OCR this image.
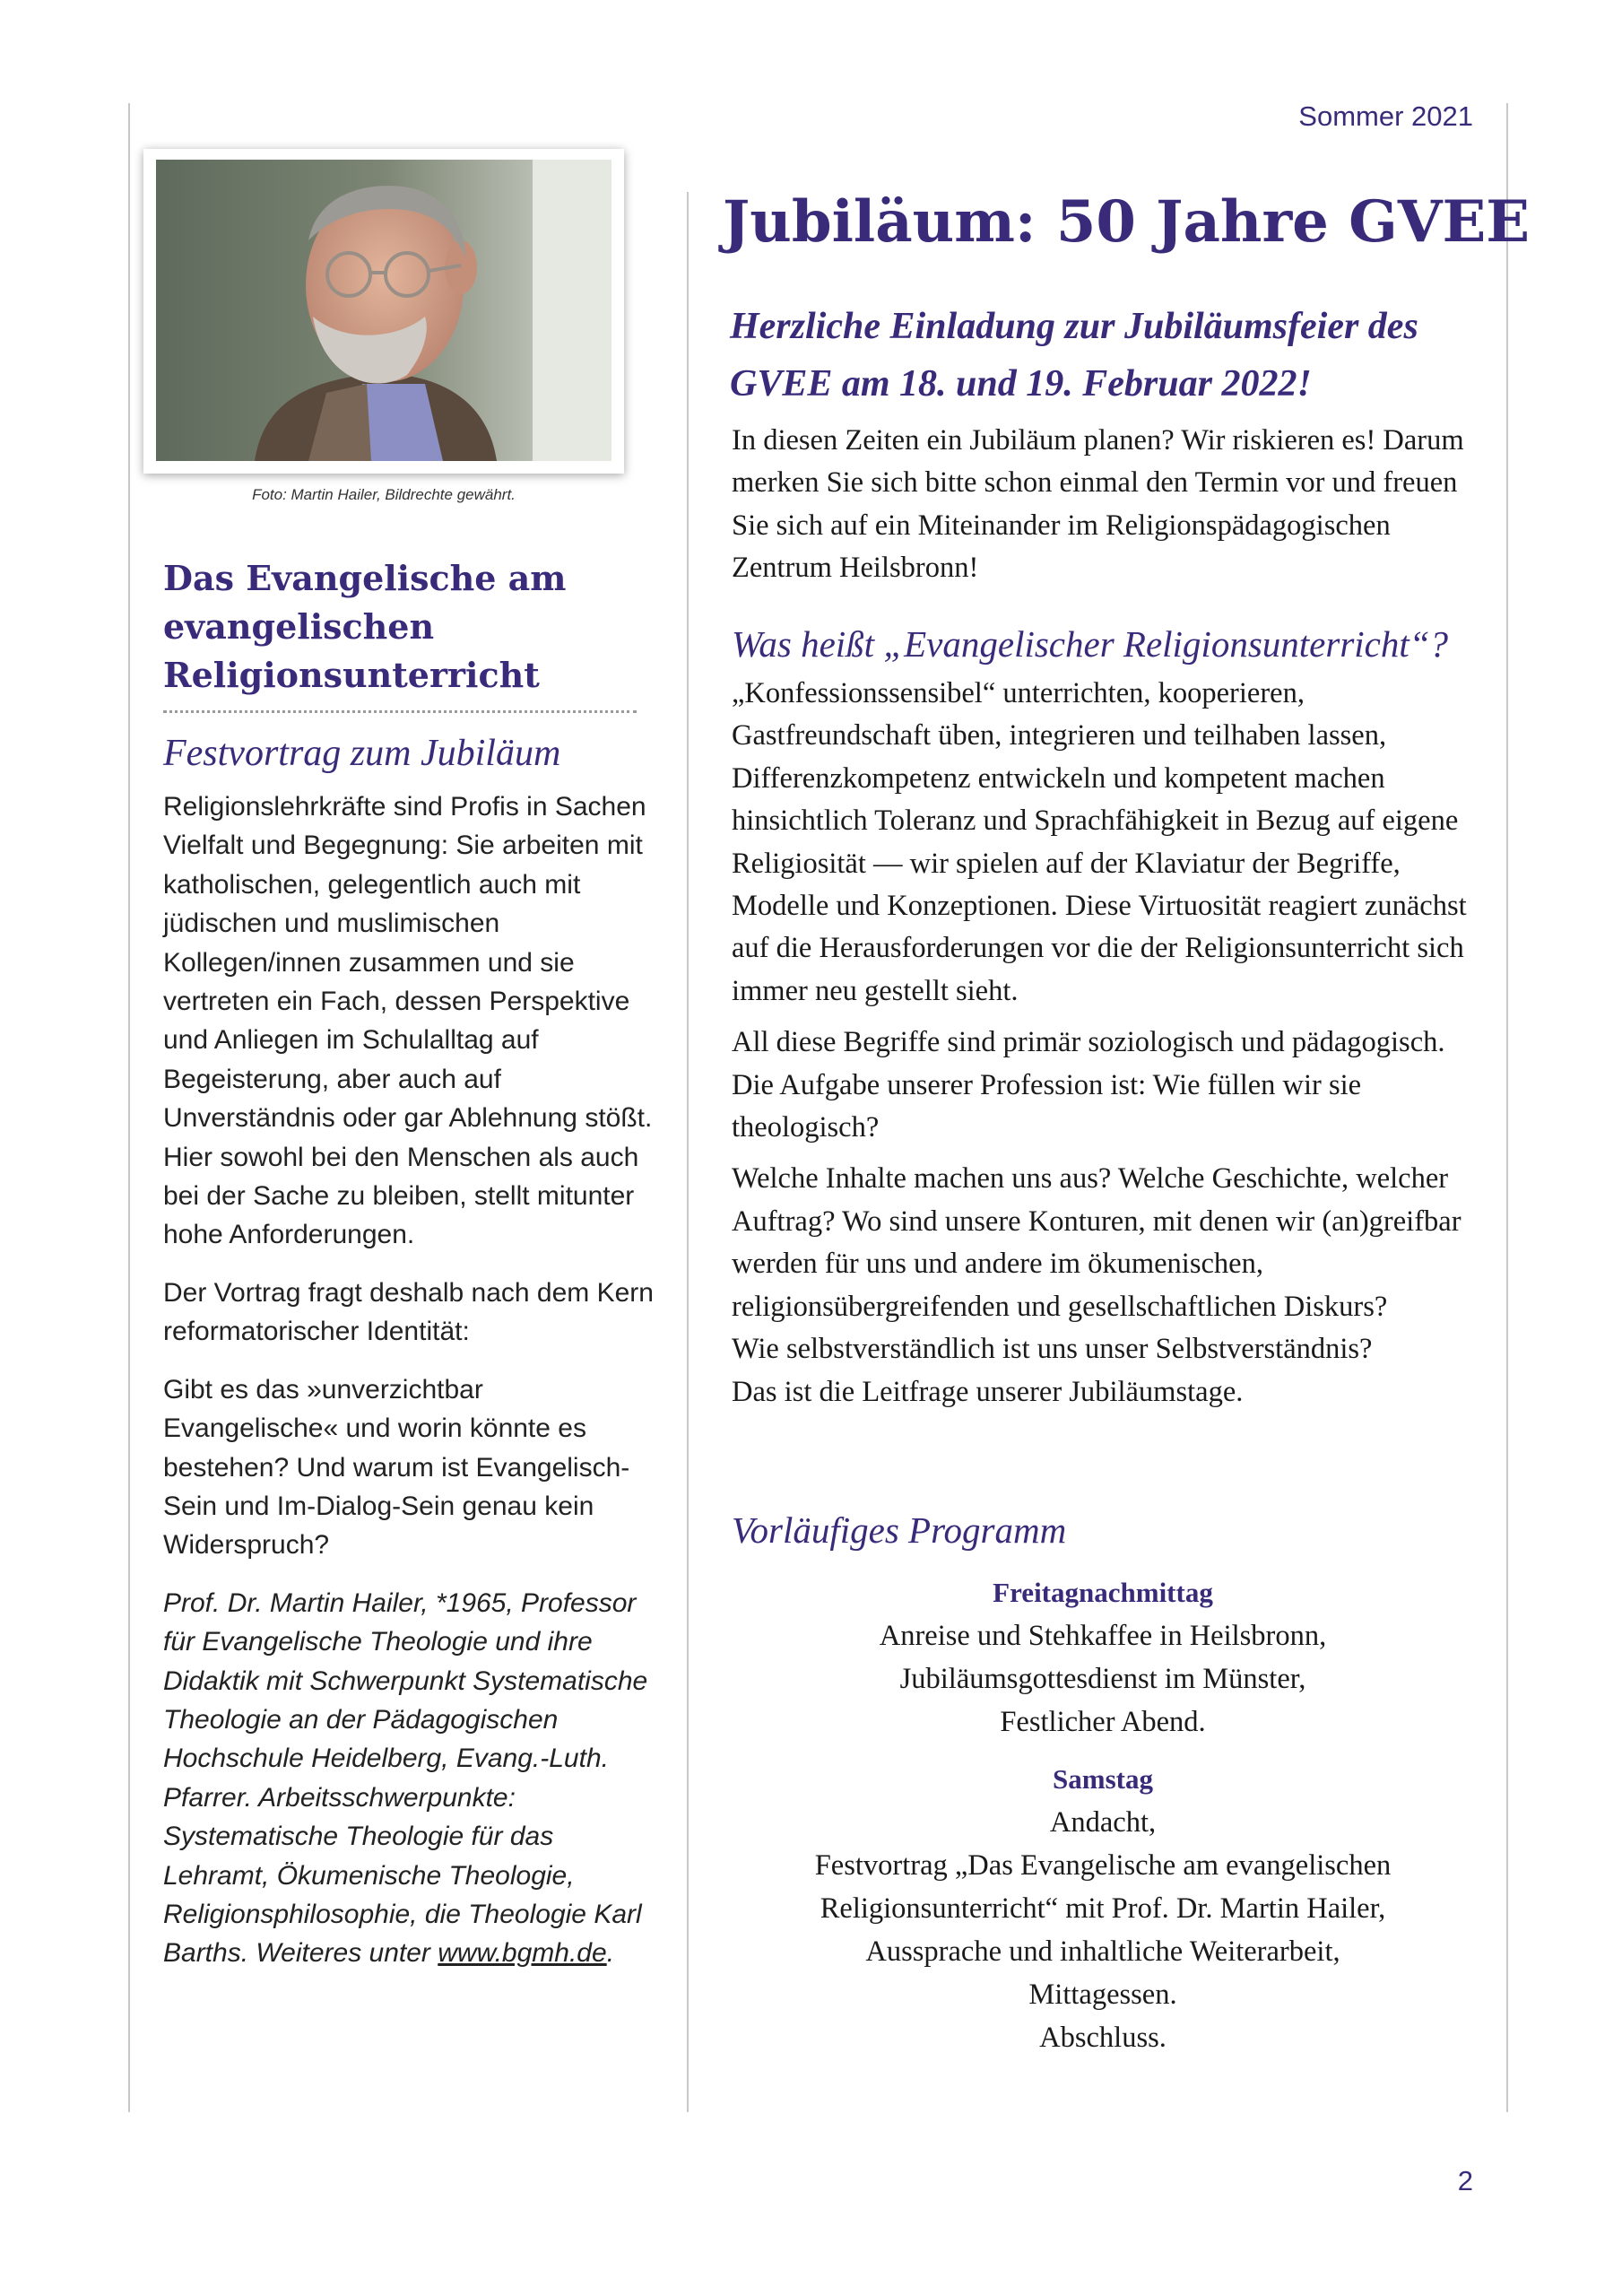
Sommer 2021
Foto: Martin Hailer, Bildrechte gewährt.
Das Evangelische am evangelischen Religionsunterricht
Festvortrag zum Jubiläum

Religionslehrkräfte sind Profis in Sachen Vielfalt und Begegnung: Sie arbeiten mit katholischen, gelegentlich auch mit jüdischen und muslimischen Kollegen/innen zusammen und sie vertreten ein Fach, dessen Perspektive und Anliegen im Schulalltag auf Begeisterung, aber auch auf Unverständnis oder gar Ablehnung stößt. Hier sowohl bei den Menschen als auch bei der Sache zu bleiben, stellt mitunter hohe Anforderungen.

Der Vortrag fragt deshalb nach dem Kern reformatorischer Identität:

Gibt es das »unverzichtbar Evangelische« und worin könnte es bestehen? Und warum ist Evangelisch-Sein und Im-Dialog-Sein genau kein Widerspruch?

Prof. Dr. Martin Hailer, *1965, Professor für Evangelische Theologie und ihre Didaktik mit Schwerpunkt Systematische Theologie an der Pädagogischen Hochschule Heidelberg, Evang.-Luth. Pfarrer. Arbeitsschwerpunkte: Systematische Theologie für das Lehramt, Ökumenische Theologie, Religionsphilosophie, die Theologie Karl Barths. Weiteres unter www.bgmh.de.

Jubiläum: 50 Jahre GVEE
Herzliche Einladung zur Jubiläumsfeier des GVEE am 18. und 19. Februar 2022!

In diesen Zeiten ein Jubiläum planen? Wir riskieren es! Darum merken Sie sich bitte schon einmal den Termin vor und freuen Sie sich auf ein Miteinander im Religionspädagogischen Zentrum Heilsbronn!

Was heißt „Evangelischer Religionsunterricht“?

„Konfessionssensibel“ unterrichten, kooperieren, Gastfreundschaft üben, integrieren und teilhaben lassen, Differenzkompetenz entwickeln und kompetent machen hinsichtlich Toleranz und Sprachfähigkeit in Bezug auf eigene Religiosität — wir spielen auf der Klaviatur der Begriffe, Modelle und Konzeptionen. Diese Virtuosität reagiert zunächst auf die Herausforderungen vor die der Religionsunterricht sich immer neu gestellt sieht.

All diese Begriffe sind primär soziologisch und pädagogisch. Die Aufgabe unserer Profession ist: Wie füllen wir sie theologisch?

Welche Inhalte machen uns aus? Welche Geschichte, welcher Auftrag? Wo sind unsere Konturen, mit denen wir (an)greifbar werden für uns und andere im ökumenischen, religionsübergreifenden und gesellschaftlichen Diskurs?

Wie selbstverständlich ist uns unser Selbstverständnis?
Das ist die Leitfrage unserer Jubiläumstage.

Vorläufiges Programm
Freitagnachmittag
Anreise und Stehkaffee in Heilsbronn,
Jubiläumsgottesdienst im Münster,
Festlicher Abend.
Samstag
Andacht,
Festvortrag „Das Evangelische am evangelischen
Religionsunterricht“ mit Prof. Dr. Martin Hailer,
Aussprache und inhaltliche Weiterarbeit,
Mittagessen.
Abschluss.
2
